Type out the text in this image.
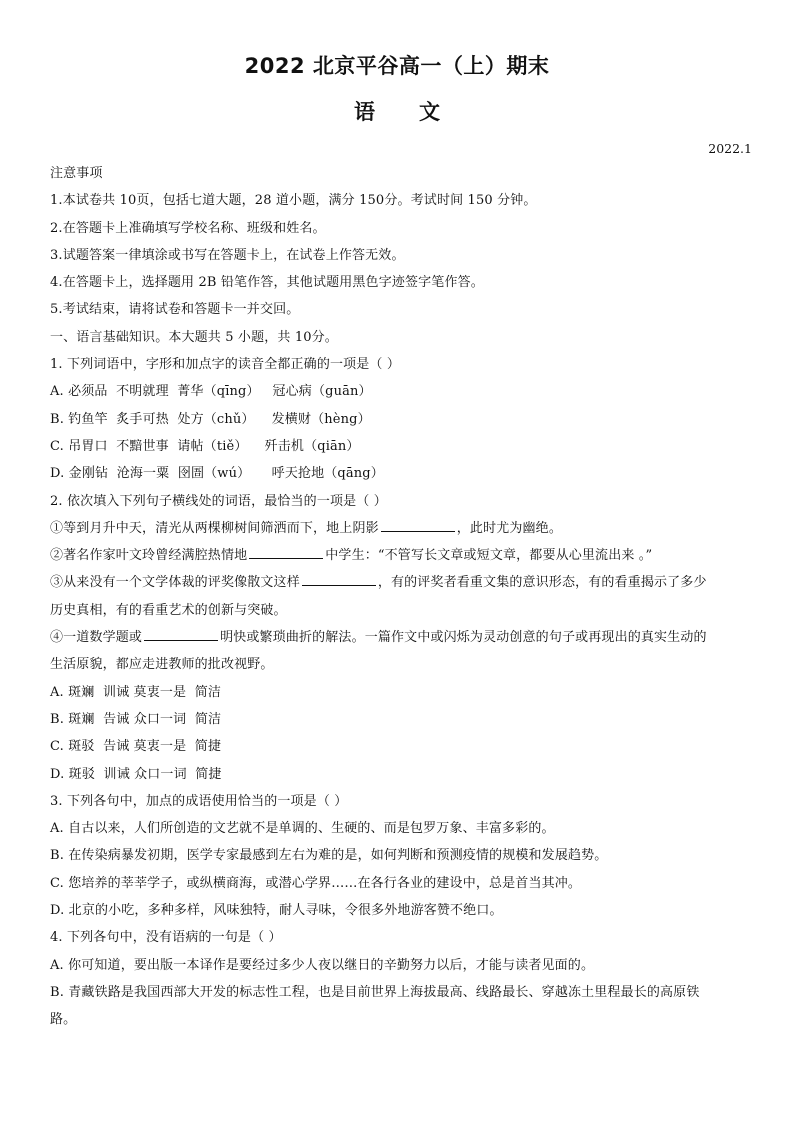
2022 北京平谷高一（上）期末
语 文
2022.1
注意事项
1.本试卷共 10页，包括七道大题，28 道小题，满分 150分。考试时间 150 分钟。
2.在答题卡上准确填写学校名称、班级和姓名。
3.试题答案一律填涂或书写在答题卡上，在试卷上作答无效。
4.在答题卡上，选择题用 2B 铅笔作答，其他试题用黑色字迹签字笔作答。
5.考试结束，请将试卷和答题卡一并交回。
一、语言基础知识。本大题共 5 小题，共 10分。
1. 下列词语中，字形和加点字的读音全都正确的一项是（ ）
A. 必须品  不明就理  菁华（qīng）   冠心病（guān）
B. 钓鱼竿  炙手可热  处方（chǔ）    发横财（hèng）
C. 吊胃口  不黯世事  请帖（tiě）    歼击机（qiān）
D. 金刚钻  沧海一粟  囹圄（wú）     呼天抢地（qāng）
2. 依次填入下列句子横线处的词语，最恰当的一项是（ ）
①等到月升中天，清光从两棵柳树间筛洒而下，地上阴影	，此时尤为幽绝。
②著名作家叶文玲曾经满腔热情地	中学生：“不管写长文章或短文章，都要从心里流出来 。”
③从来没有一个文学体裁的评奖像散文这样	，有的评奖者看重文集的意识形态，有的看重揭示了多少
历史真相，有的看重艺术的创新与突破。
④一道数学题或	明快或繁琐曲折的解法。一篇作文中或闪烁为灵动创意的句子或再现出的真实生动的
生活原貌，都应走进教师的批改视野。
A. 斑斓  训诫 莫衷一是  简洁
B. 斑斓  告诫 众口一词  简洁
C. 斑驳  告诫 莫衷一是  简捷
D. 斑驳  训诫 众口一词  简捷
3. 下列各句中，加点的成语使用恰当的一项是（ ）
A. 自古以来，人们所创造的文艺就不是单调的、生硬的、而是包罗万象、丰富多彩的。
B. 在传染病暴发初期，医学专家最感到左右为难的是，如何判断和预测疫情的规模和发展趋势。
C. 您培养的莘莘学子，或纵横商海，或潜心学界……在各行各业的建设中，总是首当其冲。
D. 北京的小吃，多种多样，风味独特，耐人寻味，令很多外地游客赞不绝口。
4. 下列各句中，没有语病的一句是（ ）
A. 你可知道，要出版一本译作是要经过多少人夜以继日的辛勤努力以后，才能与读者见面的。
B. 青藏铁路是我国西部大开发的标志性工程，也是目前世界上海拔最高、线路最长、穿越冻土里程最长的高原铁
路。
